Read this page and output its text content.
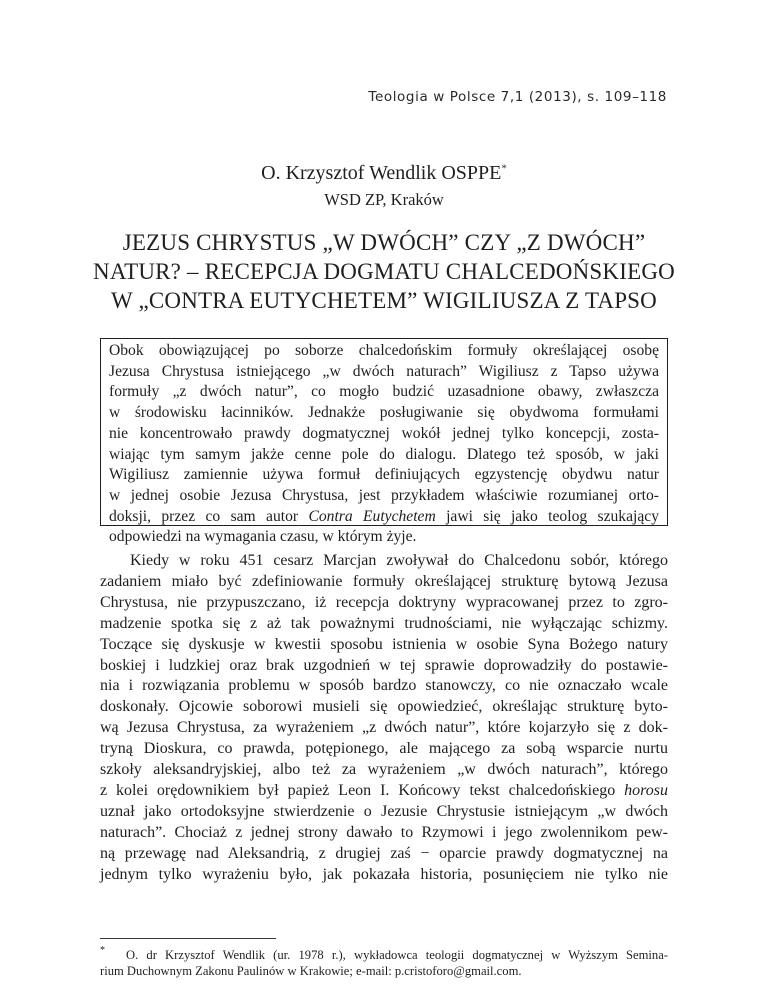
Teologia w Polsce 7,1 (2013), s. 109–118
O. Krzysztof Wendlik OSPPE*
WSD ZP, Kraków
JEZUS CHRYSTUS „W DWÓCH” CZY „Z DWÓCH”
NATUR? – RECEPCJA DOGMATU CHALCEDOŃSKIEGO
W „CONTRA EUTYCHETEM” WIGILIUSZA Z TAPSO
Obok obowiązującej po soborze chalcedońskim formuły określającej osobę
Jezusa Chrystusa istniejącego „w dwóch naturach” Wigiliusz z Tapso używa
formuły „z dwóch natur”, co mogło budzić uzasadnione obawy, zwłaszcza
w środowisku łacinników. Jednakże posługiwanie się obydwoma formułami
nie koncentrowało prawdy dogmatycznej wokół jednej tylko koncepcji, zosta-
wiając tym samym jakże cenne pole do dialogu. Dlatego też sposób, w jaki
Wigiliusz zamiennie używa formuł definiujących egzystencję obydwu natur
w jednej osobie Jezusa Chrystusa, jest przykładem właściwie rozumianej orto-
doksji, przez co sam autor Contra Eutychetem jawi się jako teolog szukający
odpowiedzi na wymagania czasu, w którym żyje.
Kiedy w roku 451 cesarz Marcjan zwoływał do Chalcedonu sobór, którego
zadaniem miało być zdefiniowanie formuły określającej strukturę bytową Jezusa
Chrystusa, nie przypuszczano, iż recepcja doktryny wypracowanej przez to zgro-
madzenie spotka się z aż tak poważnymi trudnościami, nie wyłączając schizmy.
Toczące się dyskusje w kwestii sposobu istnienia w osobie Syna Bożego natury
boskiej i ludzkiej oraz brak uzgodnień w tej sprawie doprowadziły do postawie-
nia i rozwiązania problemu w sposób bardzo stanowczy, co nie oznaczało wcale
doskonały. Ojcowie soborowi musieli się opowiedzieć, określając strukturę byto-
wą Jezusa Chrystusa, za wyrażeniem „z dwóch natur”, które kojarzyło się z dok-
tryną Dioskura, co prawda, potępionego, ale mającego za sobą wsparcie nurtu
szkoły aleksandryjskiej, albo też za wyrażeniem „w dwóch naturach”, którego
z kolei orędownikiem był papież Leon I. Końcowy tekst chalcedońskiego horosu
uznał jako ortodoksyjne stwierdzenie o Jezusie Chrystusie istniejącym „w dwóch
naturach”. Chociaż z jednej strony dawało to Rzymowi i jego zwolennikom pew-
ną przewagę nad Aleksandrią, z drugiej zaś − oparcie prawdy dogmatycznej na
jednym tylko wyrażeniu było, jak pokazała historia, posunięciem nie tylko nie
* O. dr Krzysztof Wendlik (ur. 1978 r.), wykładowca teologii dogmatycznej w Wyższym Semina-
rium Duchownym Zakonu Paulinów w Krakowie; e-mail: p.cristoforo@gmail.com.
